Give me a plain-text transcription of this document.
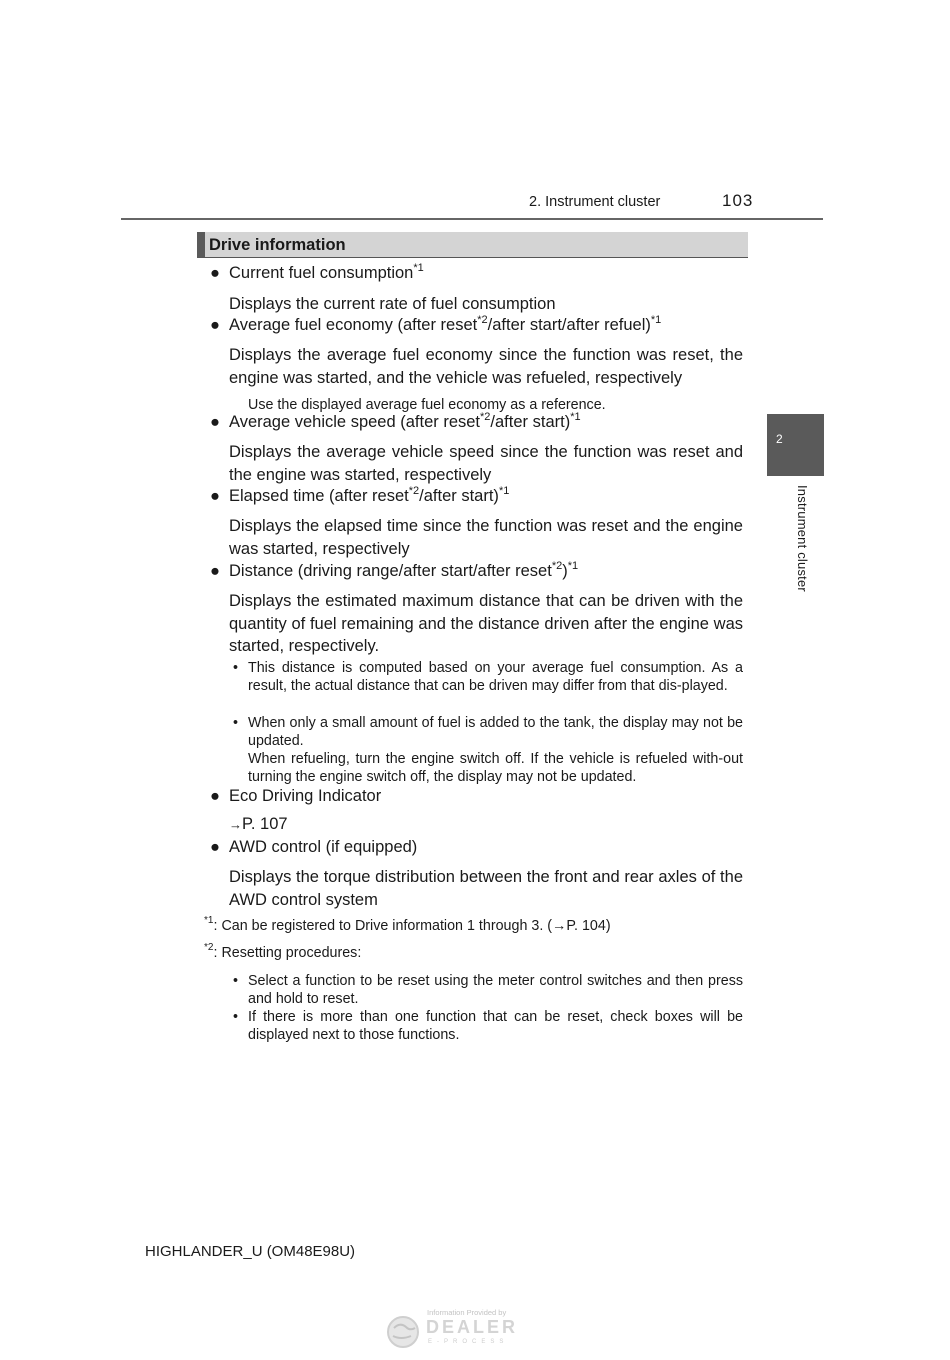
2. Instrument cluster	103
2
Instrument cluster
Drive information
● Current fuel consumption$^{*1}$
Displays the current rate of fuel consumption
● Average fuel economy (after reset$^{*2}$/after start/after refuel)$^{*1}$
Displays the average fuel economy since the function was reset, the engine was started, and the vehicle was refueled, respectively
Use the displayed average fuel economy as a reference.
● Average vehicle speed (after reset$^{*2}$/after start)$^{*1}$
Displays the average vehicle speed since the function was reset and the engine was started, respectively
● Elapsed time (after reset$^{*2}$/after start)$^{*1}$
Displays the elapsed time since the function was reset and the engine was started, respectively
● Distance (driving range/after start/after reset$^{*2}$)$^{*1}$
Displays the estimated maximum distance that can be driven with the quantity of fuel remaining and the distance driven after the engine was started, respectively.
• This distance is computed based on your average fuel consumption. As a result, the actual distance that can be driven may differ from that dis-played.
• When only a small amount of fuel is added to the tank, the display may not be updated.
When refueling, turn the engine switch off. If the vehicle is refueled with-out turning the engine switch off, the display may not be updated.
● Eco Driving Indicator
→P. 107
● AWD control (if equipped)
Displays the torque distribution between the front and rear axles of the AWD control system
$^{*1}$: Can be registered to Drive information 1 through 3. (→P. 104)
$^{*2}$: Resetting procedures:
• Select a function to be reset using the meter control switches and then press and hold to reset.
• If there is more than one function that can be reset, check boxes will be displayed next to those functions.
HIGHLANDER_U (OM48E98U)
Information Provided by
DEALER
E-PROCESS
